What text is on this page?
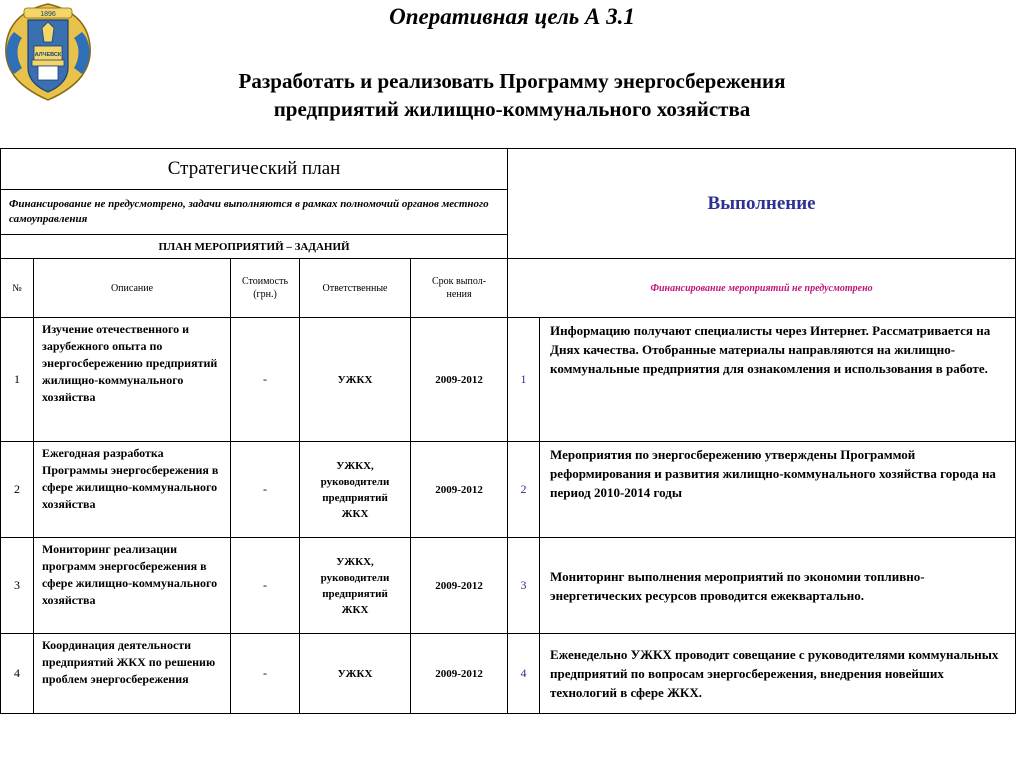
1896
АЛЧЕВСК
Оперативная цель А 3.1
Разработать и реализовать Программу энергосбережения
предприятий жилищно-коммунального хозяйства
Стратегический план					Выполнение	
Финансирование не предусмотрено, задачи выполняются в рамках полномочий органов местного самоуправления						
ПЛАН МЕРОПРИЯТИЙ – ЗАДАНИЙ						
№	Описание	Стоимость (грн.)	Ответственные	Срок выпол-нения	Финансирование мероприятий не предусмотрено	
1	Изучение отечественного и зарубежного опыта по энергосбережению предприятий жилищно-коммунального хозяйства	-	УЖКХ	2009-2012	1	Информацию получают специалисты через Интернет. Рассматривается на Днях качества. Отобранные материалы направляются на жилищно-коммунальные предприятия для ознакомления и использования в работе.
2	Ежегодная разработка Программы энергосбережения в сфере жилищно-коммунального хозяйства	-	УЖКХ, руководители предприятий ЖКХ	2009-2012	2	Мероприятия по энергосбережению утверждены Программой реформирования и развития жилищно-коммунального хозяйства города на период 2010-2014 годы
3	Мониторинг реализации программ энергосбережения в сфере жилищно-коммунального хозяйства	-	УЖКХ, руководители предприятий ЖКХ	2009-2012	3	Мониторинг выполнения мероприятий по экономии топливно-энергетических ресурсов проводится ежеквартально.
4	Координация деятельности предприятий ЖКХ по решению проблем энергосбережения	-	УЖКХ	2009-2012	4	Еженедельно УЖКХ проводит совещание с руководителями коммунальных предприятий по вопросам энергосбережения, внедрения новейших технологий в сфере ЖКХ.
